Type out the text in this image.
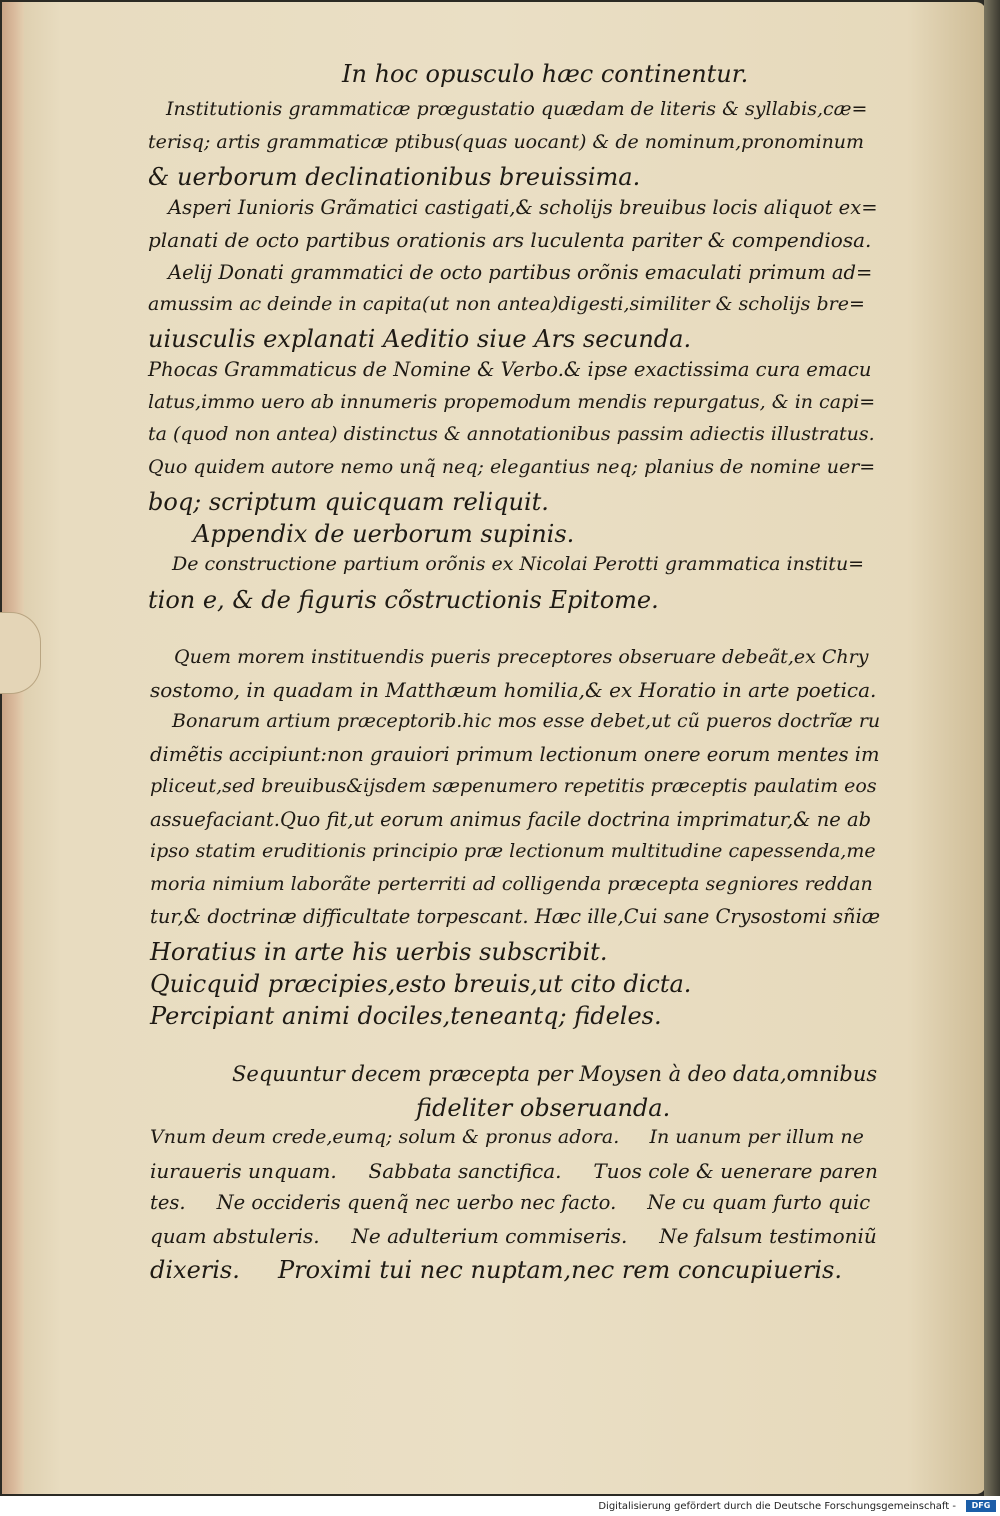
In hoc opusculo hæc continentur.

Institutionis grammaticæ prœgustatio quædam de literis & syllabis,cæ=

terisq; artis grammaticæ ptibus(quas uocant) & de nominum,pronominum

& uerborum declinationibus breuissima.

Asperi Iunioris Grãmatici castigati,& scholijs breuibus locis aliquot ex=

planati de octo partibus orationis ars luculenta pariter & compendiosa.

Aelij Donati grammatici de octo partibus orõnis emaculati primum ad=

amussim ac deinde in capita(ut non antea)digesti,similiter & scholijs bre=

uiusculis explanati Aeditio siue Ars secunda.

Phocas Grammaticus de Nomine & Verbo.& ipse exactissima cura emacu

latus,immo uero ab innumeris propemodum mendis repurgatus, & in capi=

ta (quod non antea) distinctus & annotationibus passim adiectis illustratus.

Quo quidem autore nemo unq̃ neq; elegantius neq; planius de nomine uer=

boq; scriptum quicquam reliquit.

Appendix de uerborum supinis.

De constructione partium orõnis ex Nicolai Perotti grammatica institu=

tion e, & de figuris cõstructionis Epitome.

Quem morem instituendis pueris preceptores obseruare debeãt,ex Chry

sostomo, in quadam in Matthæum homilia,& ex Horatio in arte poetica.

Bonarum artium præceptorib.hic mos esse debet,ut cũ pueros doctrĩæ ru

dimẽtis accipiunt:non grauiori primum lectionum onere eorum mentes im

pliceut,sed breuibus&ijsdem sæpenumero repetitis præceptis paulatim eos

assuefaciant.Quo fit,ut eorum animus facile doctrina imprimatur,& ne ab

ipso statim eruditionis principio præ lectionum multitudine capessenda,me

moria nimium laborãte perterriti ad colligenda præcepta segniores reddan

tur,& doctrinæ difficultate torpescant. Hæc ille,Cui sane Crysostomi sñiæ

Horatius in arte his uerbis subscribit.

Quicquid præcipies,esto breuis,ut cito dicta.

Percipiant animi dociles,teneantq; fideles.

Sequuntur decem præcepta per Moysen à deo data,omnibus

fideliter obseruanda.

Vnum deum crede,eumq; solum & pronus adora.     In uanum per illum ne

iuraueris unquam.     Sabbata sanctifica.     Tuos cole & uenerare paren

tes.     Ne occideris quenq̃ nec uerbo nec facto.     Ne cu quam furto quic

quam abstuleris.     Ne adulterium commiseris.     Ne falsum testimoniũ

dixeris.     Proximi tui nec nuptam,nec rem concupiueris.

Digitalisierung gefördert durch die Deutsche Forschungsgemeinschaft -	DFG
